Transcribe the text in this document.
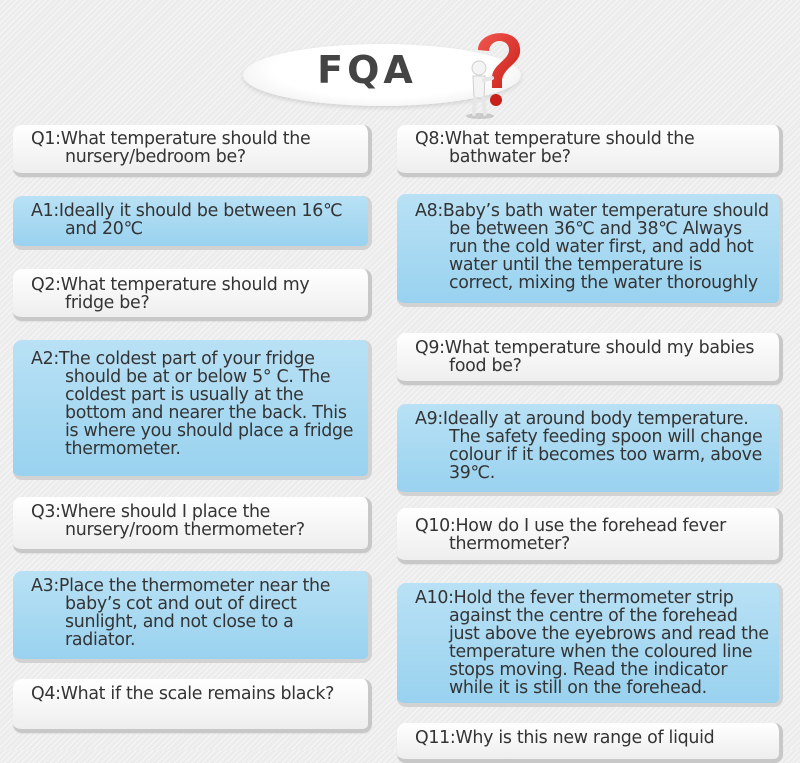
FQA
Q1:What temperature should the nursery/bedroom be?
A1:Ideally it should be between 16℃ and 20℃
Q2:What temperature should my fridge be?
A2:The coldest part of your fridge should be at or below 5° C. The coldest part is usually at the bottom and nearer the back. This is where you should place a fridge thermometer.
Q3:Where should I place the nursery/room thermometer?
A3:Place the thermometer near the baby’s cot and out of direct sunlight, and not close to a radiator.
Q4:What if the scale remains black?
Q8:What temperature should the bathwater be?
A8:Baby’s bath water temperature should be between 36℃ and 38℃ Always run the cold water first, and add hot water until the temperature is correct, mixing the water thoroughly
Q9:What temperature should my babies food be?
A9:Ideally at around body temperature. The safety feeding spoon will change colour if it becomes too warm, above 39℃.
Q10:How do I use the forehead fever thermometer?
A10:Hold the fever thermometer strip against the centre of the forehead just above the eyebrows and read the temperature when the coloured line stops moving. Read the indicator while it is still on the forehead.
Q11:Why is this new range of liquid
